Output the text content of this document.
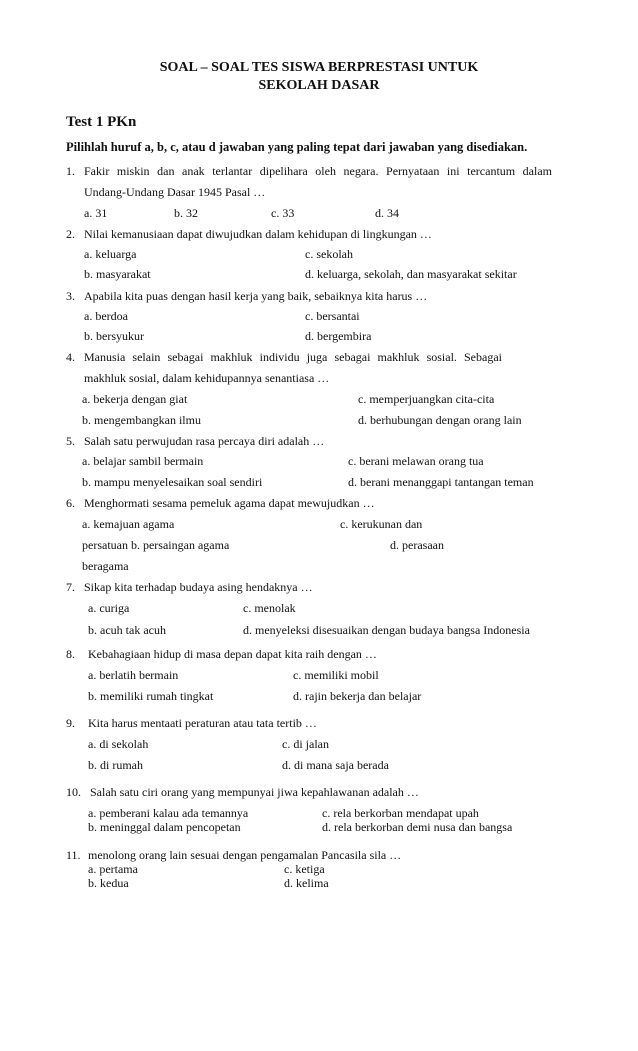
SOAL – SOAL TES SISWA BERPRESTASI UNTUK
SEKOLAH DASAR
Test 1 PKn
Pilihlah huruf a, b, c, atau d jawaban yang paling tepat dari jawaban yang disediakan.
1. Fakir miskin dan anak terlantar dipelihara oleh negara. Pernyataan ini tercantum dalam
Undang-Undang Dasar 1945 Pasal …
a. 31	b. 32	c. 33	d. 34
2. Nilai kemanusiaan dapat diwujudkan dalam kehidupan di lingkungan …
a. keluarga	c. sekolah
b. masyarakat	d. keluarga, sekolah, dan masyarakat sekitar
3. Apabila kita puas dengan hasil kerja yang baik, sebaiknya kita harus …
a. berdoa	c. bersantai
b. bersyukur	d. bergembira
4. Manusia selain sebagai makhluk individu juga sebagai makhluk sosial. Sebagai
makhluk sosial, dalam kehidupannya senantiasa …
a. bekerja dengan giat	c. memperjuangkan cita-cita
b. mengembangkan ilmu	d. berhubungan dengan orang lain
5. Salah satu perwujudan rasa percaya diri adalah …
a. belajar sambil bermain	c. berani melawan orang tua
b. mampu menyelesaikan soal sendiri	d. berani menanggapi tantangan teman
6. Menghormati sesama pemeluk agama dapat mewujudkan …
a. kemajuan agama	c. kerukunan dan
persatuan b. persaingan agama	d. perasaan
beragama
7. Sikap kita terhadap budaya asing hendaknya …
a. curiga	c. menolak
b. acuh tak acuh	d. menyeleksi disesuaikan dengan budaya bangsa Indonesia
8. Kebahagiaan hidup di masa depan dapat kita raih dengan …
a. berlatih bermain	c. memiliki mobil
b. memiliki rumah tingkat	d. rajin bekerja dan belajar
9. Kita harus mentaati peraturan atau tata tertib …
a. di sekolah	c. di jalan
b. di rumah	d. di mana saja berada
10. Salah satu ciri orang yang mempunyai jiwa kepahlawanan adalah …
a. pemberani kalau ada temannya	c. rela berkorban mendapat upah
b. meninggal dalam pencopetan	d. rela berkorban demi nusa dan bangsa
11. menolong orang lain sesuai dengan pengamalan Pancasila sila …
a. pertama	c. ketiga
b. kedua	d. kelima
